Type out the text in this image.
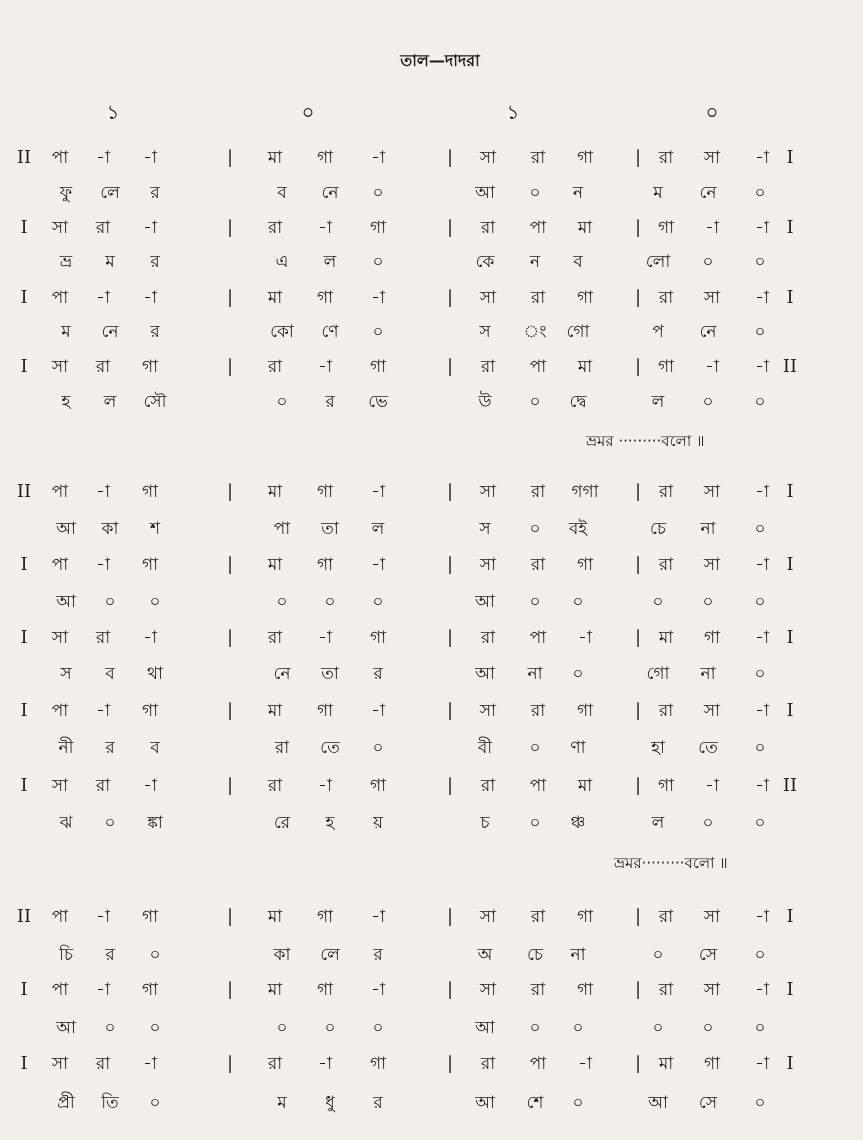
তাল—দাদরা
১	০	১	০
II পা -া -া	| মা গা -া	| সা রা গা | রা সা -া I
ফু লে র	ব নে ০	আ ০ ন	ম নে ০
I সা রা -া	| রা -া গা	| রা পা মা | গা -া -া I
ভ্র ম র	এ ল ০	কে ন ব	লো ০ ০
I পা -া -া	| মা গা -া	| সা রা গা | রা সা -া I
ম নে র	কো ণে ০	স ং গো	প নে ০
I সা রা গা	| রা -া গা	| রা পা মা | গা -া -া II
হ ল সৌ	০ র ভে	উ ০ দ্বে	ল ০ ০
ভ্রমর ·········বলো ॥
II পা -া গা	| মা গা -া	| সা রা গগা | রা সা -া I
আ কা শ	পা তা ল	স ০ বই	চে না ০
I পা -া গা	| মা গা -া	| সা রা গা | রা সা -া I
আ ০ ০	০ ০ ০	আ ০ ০	০ ০ ০
I সা রা -া	| রা -া গা	| রা পা -া | মা গা -া I
স ব থা	নে তা র	আ না ০	গো না ০
I পা -া গা	| মা গা -া	| সা রা গা | রা সা -া I
নী র ব	রা তে ০	বী ০ ণা	হা তে ০
I সা রা -া	| রা -া গা	| রা পা মা | গা -া -া II
ঝ ০ ঙ্কা	রে হ য়	চ ০ ঞ্চ	ল ০ ০
ভ্রমর·········বলো ॥
II পা -া গা	| মা গা -া	| সা রা গা | রা সা -া I
চি র ০	কা লে র	অ চে না	০ সে ০
I পা -া গা	| মা গা -া	| সা রা গা | রা সা -া I
আ ০ ০	০ ০ ০	আ ০ ০	০ ০ ০
I সা রা -া	| রা -া গা	| রা পা -া | মা গা -া I
প্রী তি ০	ম ধু র	আ শে ০	আ সে ০
